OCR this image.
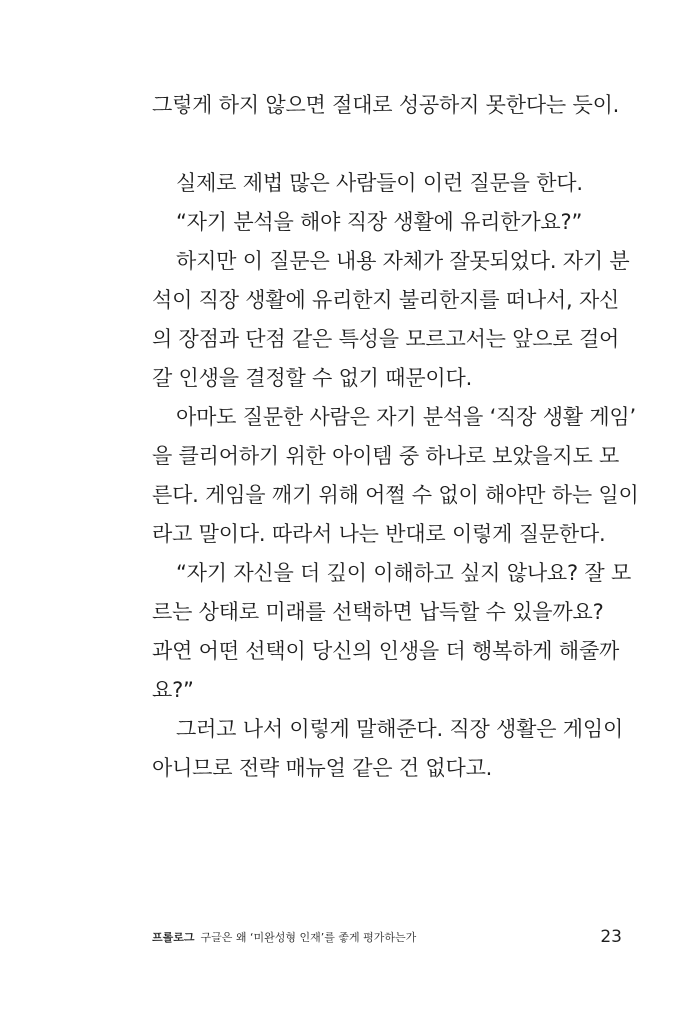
그렇게 하지 않으면 절대로 성공하지 못한다는 듯이.
실제로 제법 많은 사람들이 이런 질문을 한다.
“자기 분석을 해야 직장 생활에 유리한가요?”
하지만 이 질문은 내용 자체가 잘못되었다. 자기 분
석이 직장 생활에 유리한지 불리한지를 떠나서, 자신
의 장점과 단점 같은 특성을 모르고서는 앞으로 걸어
갈 인생을 결정할 수 없기 때문이다.
아마도 질문한 사람은 자기 분석을 ‘직장 생활 게임’
을 클리어하기 위한 아이템 중 하나로 보았을지도 모
른다. 게임을 깨기 위해 어쩔 수 없이 해야만 하는 일이
라고 말이다. 따라서 나는 반대로 이렇게 질문한다.
“자기 자신을 더 깊이 이해하고 싶지 않나요? 잘 모
르는 상태로 미래를 선택하면 납득할 수 있을까요?
과연 어떤 선택이 당신의 인생을 더 행복하게 해줄까
요?”
그러고 나서 이렇게 말해준다. 직장 생활은 게임이
아니므로 전략 매뉴얼 같은 건 없다고.
프롤로그 구글은 왜 ‘미완성형 인재’를 좋게 평가하는가	23
